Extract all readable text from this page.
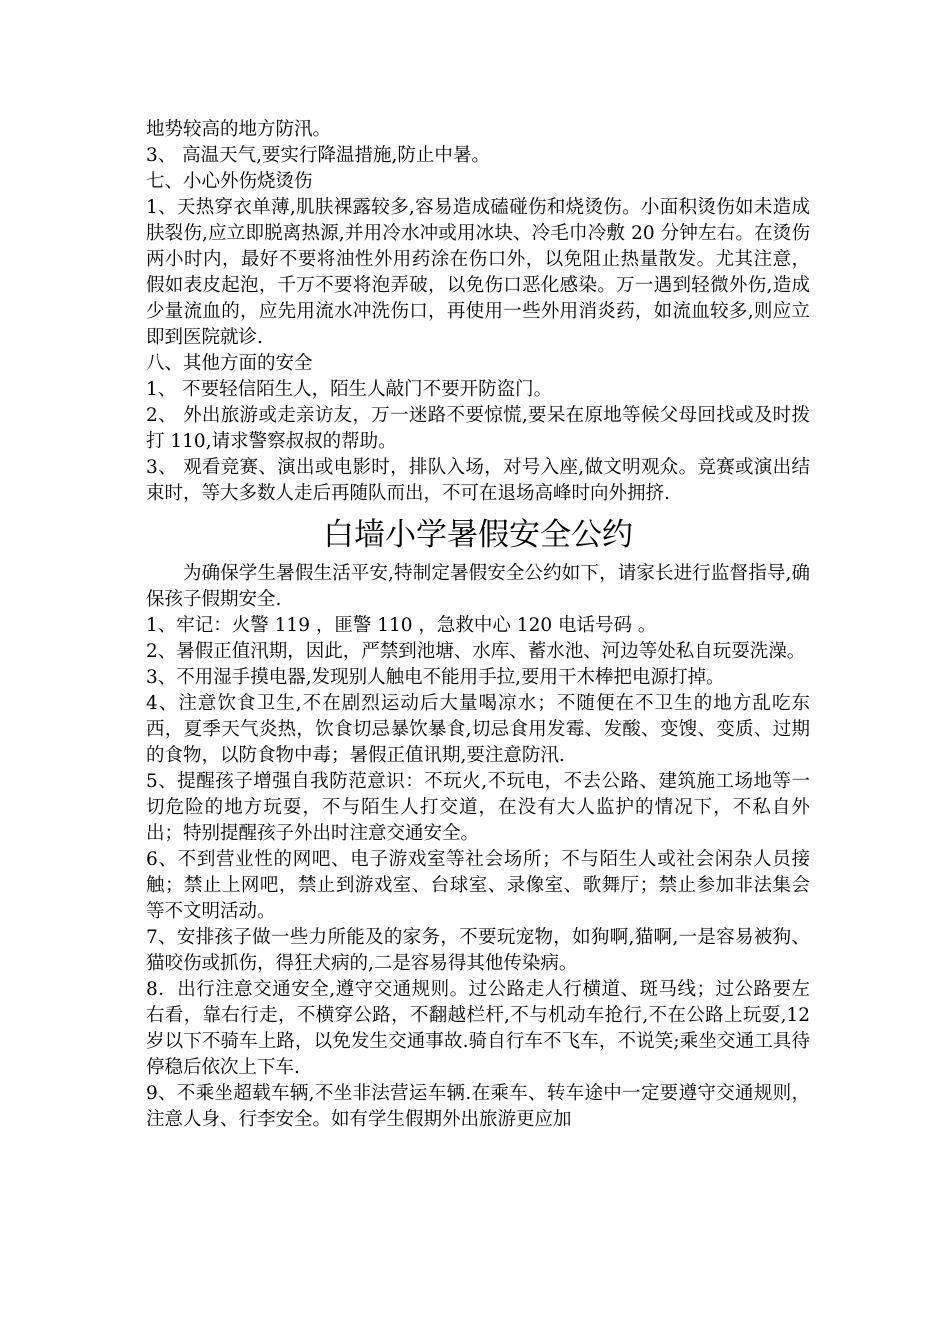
地势较高的地方防汛。

3、 高温天气,要实行降温措施,防止中暑。

七、小心外伤烧烫伤

1、天热穿衣单薄,肌肤裸露较多,容易造成磕碰伤和烧烫伤。小面积烫伤如未造成肤裂伤,应立即脱离热源,并用冷水冲或用冰块、冷毛巾冷敷 20 分钟左右。在烫伤两小时内，最好不要将油性外用药涂在伤口外，以免阻止热量散发。尤其注意，假如表皮起泡，千万不要将泡弄破，以免伤口恶化感染。万一遇到轻微外伤,造成少量流血的，应先用流水冲洗伤口，再使用一些外用消炎药，如流血较多,则应立即到医院就诊.

八、其他方面的安全

1、 不要轻信陌生人，陌生人敲门不要开防盗门。

2、 外出旅游或走亲访友，万一迷路不要惊慌,要呆在原地等候父母回找或及时拨打 110,请求警察叔叔的帮助。

3、 观看竞赛、演出或电影时，排队入场，对号入座,做文明观众。竞赛或演出结束时，等大多数人走后再随队而出，不可在退场高峰时向外拥挤.

白墙小学暑假安全公约

为确保学生暑假生活平安,特制定暑假安全公约如下，请家长进行监督指导,确保孩子假期安全.

1、牢记：火警 119 ，匪警 110 ，急救中心 120 电话号码 。

2、暑假正值汛期，因此，严禁到池塘、水库、蓄水池、河边等处私自玩耍洗澡。

3、不用湿手摸电器,发现别人触电不能用手拉,要用干木棒把电源打掉。

4、注意饮食卫生,不在剧烈运动后大量喝凉水；不随便在不卫生的地方乱吃东西，夏季天气炎热，饮食切忌暴饮暴食,切忌食用发霉、发酸、变馊、变质、过期的食物，以防食物中毒；暑假正值讯期,要注意防汛.

5、提醒孩子增强自我防范意识：不玩火,不玩电，不去公路、建筑施工场地等一切危险的地方玩耍，不与陌生人打交道，在没有大人监护的情况下，不私自外出；特别提醒孩子外出时注意交通安全。

6、不到营业性的网吧、电子游戏室等社会场所；不与陌生人或社会闲杂人员接触；禁止上网吧，禁止到游戏室、台球室、录像室、歌舞厅；禁止参加非法集会等不文明活动。

7、安排孩子做一些力所能及的家务，不要玩宠物，如狗啊,猫啊,一是容易被狗、猫咬伤或抓伤，得狂犬病的,二是容易得其他传染病。

8．出行注意交通安全,遵守交通规则。过公路走人行横道、斑马线；过公路要左右看，靠右行走，不横穿公路，不翻越栏杆,不与机动车抢行,不在公路上玩耍,12 岁以下不骑车上路，以免发生交通事故.骑自行车不飞车，不说笑;乘坐交通工具待停稳后依次上下车.

9、不乘坐超载车辆,不坐非法营运车辆.在乘车、转车途中一定要遵守交通规则，注意人身、行李安全。如有学生假期外出旅游更应加
